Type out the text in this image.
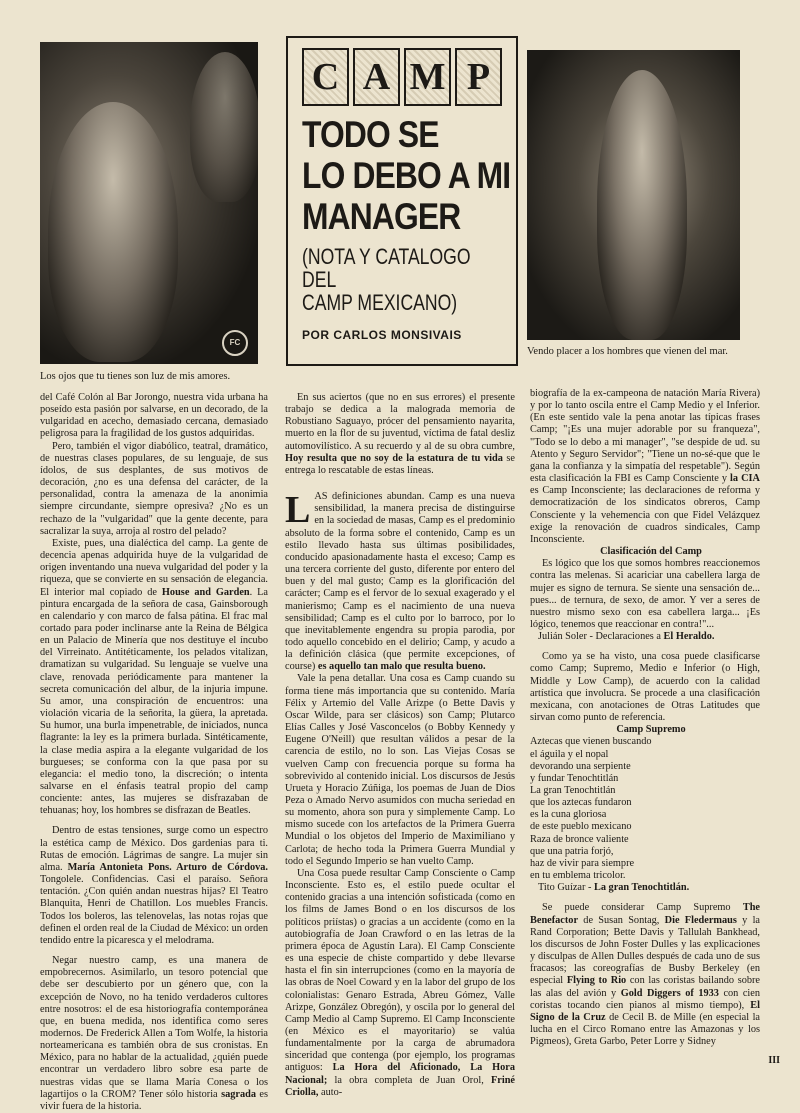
FC
Los ojos que tu tienes son luz de mis amores.
C A M P
TODO SE
LO DEBO A MI
MANAGER
(NOTA Y CATALOGO
DEL
CAMP MEXICANO)
POR CARLOS MONSIVAIS
Vendo placer a los hombres que vienen del mar.

del Café Colón al Bar Jorongo, nuestra vida urbana ha poseído esta pasión por salvarse, en un decorado, de la vulgaridad en acecho, demasiado cercana, demasiado peligrosa para la fragilidad de los gustos adquiridas.

Pero, también el vigor diabólico, teatral, dramático, de nuestras clases populares, de su lenguaje, de sus ídolos, de sus desplantes, de sus motivos de decoración, ¿no es una defensa del carácter, de la personalidad, contra la amenaza de la anonimia siempre circundante, siempre opresiva? ¿No es un rechazo de la "vulgaridad" que la gente decente, para sacralizar la suya, arroja al rostro del pelado?

Existe, pues, una dialéctica del camp. La gente de decencia apenas adquirida huye de la vulgaridad de origen inventando una nueva vulgaridad del poder y la riqueza, que se convierte en su sensación de elegancia. El interior mal copiado de House and Garden. La pintura encargada de la señora de casa, Gainsborough en calendario y con marco de falsa pátina. El frac mal cortado para poder inclinarse ante la Reina de Bélgica en un Palacio de Minería que nos destituye el íncubo del Virreinato. Antitéticamente, los pelados vitalizan, dramatizan su vulgaridad. Su lenguaje se vuelve una clave, renovada periódicamente para mantener la secreta comunicación del albur, de la injuria impune. Su amor, una conspiración de encuentros: una violación vicaria de la señorita, la güera, la apretada. Su humor, una burla impenetrable, de iniciados, nunca flagrante: la ley es la primera burlada. Sintéticamente, la clase media aspira a la elegante vulgaridad de los burgueses; se conforma con la que pasa por su elegancia: el medio tono, la discreción; o intenta salvarse en el énfasis teatral propio del camp conciente: antes, las mujeres se disfrazaban de tehuanas; hoy, los hombres se disfrazan de Beatles.

Dentro de estas tensiones, surge como un espectro la estética camp de México. Dos gardenias para ti. Rutas de emoción. Lágrimas de sangre. La mujer sin alma. María Antonieta Pons. Arturo de Córdova. Tongolele. Confidencias. Casi el paraíso. Señora tentación. ¿Con quién andan nuestras hijas? El Teatro Blanquita, Henri de Chatillon. Los muebles Francis. Todos los boleros, las telenovelas, las notas rojas que definen el orden real de la Ciudad de México: un orden tendido entre la picaresca y el melodrama.

Negar nuestro camp, es una manera de empobrecernos. Asimilarlo, un tesoro potencial que debe ser descubierto por un género que, con la excepción de Novo, no ha tenido verdaderos cultores entre nosotros: el de esa historiografía contemporánea que, en buena medida, nos identifica como seres modernos. De Frederick Allen a Tom Wolfe, la historia norteamericana es también obra de sus cronistas. En México, para no hablar de la actualidad, ¿quién puede encontrar un verdadero libro sobre esa parte de nuestras vidas que se llama María Conesa o los lagartijos o la CROM? Tener sólo historia sagrada es vivir fuera de la historia.

En sus aciertos (que no en sus errores) el presente trabajo se dedica a la malograda memoria de Robustiano Saguayo, prócer del pensamiento nayarita, muerto en la flor de su juventud, víctima de fatal desliz automovilístico. A su recuerdo y al de su obra cumbre, Hoy resulta que no soy de la estatura de tu vida se entrega lo rescatable de estas líneas.

LAS definiciones abundan. Camp es una nueva sensibilidad, la manera precisa de distinguirse en la sociedad de masas, Camp es el predominio absoluto de la forma sobre el contenido, Camp es un estilo llevado hasta sus últimas posibilidades, conducido apasionadamente hasta el exceso; Camp es una tercera corriente del gusto, diferente por entero del buen y del mal gusto; Camp es la glorificación del carácter; Camp es el fervor de lo sexual exagerado y el manierismo; Camp es el nacimiento de una nueva sensibilidad; Camp es el culto por lo barroco, por lo que inevitablemente engendra su propia parodia, por todo aquello concebido en el delirio; Camp, y acudo a la definición clásica (que permite excepciones, of course) es aquello tan malo que resulta bueno.

Vale la pena detallar. Una cosa es Camp cuando su forma tiene más importancia que su contenido. María Félix y Artemio del Valle Arizpe (o Bette Davis y Oscar Wilde, para ser clásicos) son Camp; Plutarco Elías Calles y José Vasconcelos (o Bobby Kennedy y Eugene O'Neill) que resultan válidos a pesar de la carencia de estilo, no lo son. Las Viejas Cosas se vuelven Camp con frecuencia porque su forma ha sobrevivido al contenido inicial. Los discursos de Jesús Urueta y Horacio Zúñiga, los poemas de Juan de Dios Peza o Amado Nervo asumidos con mucha seriedad en su momento, ahora son pura y simplemente Camp. Lo mismo sucede con los artefactos de la Primera Guerra Mundial o los objetos del Imperio de Maximiliano y Carlota; de hecho toda la Primera Guerra Mundial y todo el Segundo Imperio se han vuelto Camp.

Una Cosa puede resultar Camp Consciente o Camp Inconsciente. Esto es, el estilo puede ocultar el contenido gracias a una intención sofisticada (como en los films de James Bond o en los discursos de los políticos priístas) o gracias a un accidente (como en la autobiografía de Joan Crawford o en las letras de la primera época de Agustín Lara). El Camp Consciente es una especie de chiste compartido y debe llevarse hasta el fin sin interrupciones (como en la mayoría de las obras de Noel Coward y en la labor del grupo de los colonialistas: Genaro Estrada, Abreu Gómez, Valle Arizpe, González Obregón), y oscila por lo general del Camp Medio al Camp Supremo. El Camp Inconsciente (en México es el mayoritario) se valúa fundamentalmente por la carga de abrumadora sinceridad que contenga (por ejemplo, los programas antiguos: La Hora del Aficionado, La Hora Nacional; la obra completa de Juan Orol, Friné Criolla, auto-

biografía de la ex-campeona de natación María Rivera) y por lo tanto oscila entre el Camp Medio y el Inferior. (En este sentido vale la pena anotar las típicas frases Camp; "¡Es una mujer adorable por su franqueza", "Todo se lo debo a mi manager", "se despide de ud. su Atento y Seguro Servidor"; "Tiene un no-sé-que que le gana la confianza y la simpatía del respetable"). Según esta clasificación la FBI es Camp Consciente y la CIA es Camp Inconsciente; las declaraciones de reforma y democratización de los sindicatos obreros, Camp Consciente y la vehemencia con que Fidel Velázquez exige la renovación de cuadros sindicales, Camp Inconsciente.

Clasificación del Camp

Es lógico que los que somos hombres reaccionemos contra las melenas. Si acariciar una cabellera larga de mujer es signo de ternura. Se siente una sensación de... pues... de ternura, de sexo, de amor. Y ver a seres de nuestro mismo sexo con esa cabellera larga... ¡Es lógico, tenemos que reaccionar en contra!"...

Julián Soler - Declaraciones a El Heraldo.

Como ya se ha visto, una cosa puede clasificarse como Camp; Supremo, Medio e Inferior (o High, Middle y Low Camp), de acuerdo con la calidad artística que involucra. Se procede a una clasificación mexicana, con anotaciones de Otras Latitudes que sirvan como punto de referencia.

Camp Supremo

Aztecas que vienen buscando
el águila y el nopal
devorando una serpiente
y fundar Tenochtitlán

La gran Tenochtitlán
que los aztecas fundaron
es la cuna gloriosa
de este pueblo mexicano

Raza de bronce valiente
que una patria forjó,
haz de vivir para siempre
en tu emblema tricolor.

Tito Guízar - La gran Tenochtitlán.

Se puede considerar Camp Supremo The Benefactor de Susan Sontag, Die Fledermaus y la Rand Corporation; Bette Davis y Tallulah Bankhead, los discursos de John Foster Dulles y las explicaciones y disculpas de Allen Dulles después de cada uno de sus fracasos; las coreografías de Busby Berkeley (en especial Flying to Rio con las coristas bailando sobre las alas del avión y Gold Diggers of 1933 con cien coristas tocando cien pianos al mismo tiempo), El Signo de la Cruz de Cecil B. de Mille (en especial la lucha en el Circo Romano entre las Amazonas y los Pigmeos), Greta Garbo, Peter Lorre y Sidney

III
